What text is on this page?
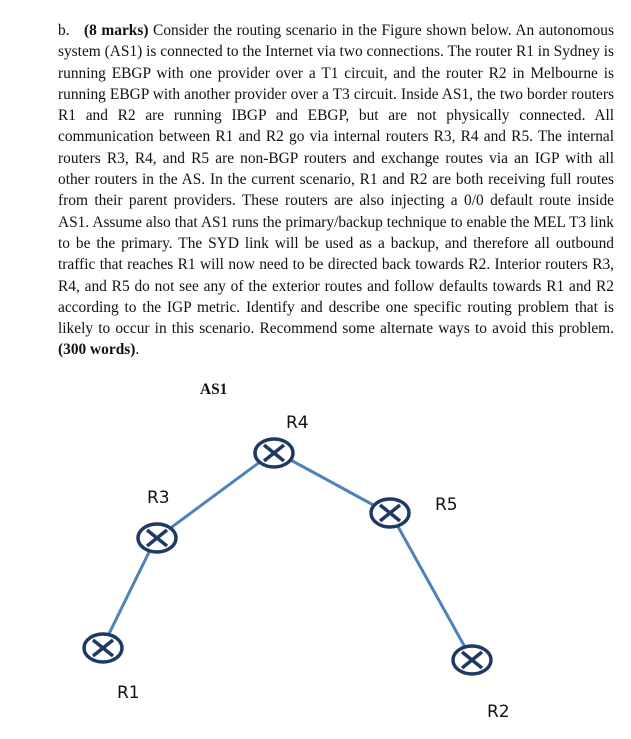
b. (8 marks) Consider the routing scenario in the Figure shown below. An autonomous system (AS1) is connected to the Internet via two connections. The router R1 in Sydney is running EBGP with one provider over a T1 circuit, and the router R2 in Melbourne is running EBGP with another provider over a T3 circuit. Inside AS1, the two border routers R1 and R2 are running IBGP and EBGP, but are not physically connected. All communication between R1 and R2 go via internal routers R3, R4 and R5. The internal routers R3, R4, and R5 are non-BGP routers and exchange routes via an IGP with all other routers in the AS. In the current scenario, R1 and R2 are both receiving full routes from their parent providers. These routers are also injecting a 0/0 default route inside AS1. Assume also that AS1 runs the primary/backup technique to enable the MEL T3 link to be the primary. The SYD link will be used as a backup, and therefore all outbound traffic that reaches R1 will now need to be directed back towards R2. Interior routers R3, R4, and R5 do not see any of the exterior routes and follow defaults towards R1 and R2 according to the IGP metric. Identify and describe one specific routing problem that is likely to occur in this scenario. Recommend some alternate ways to avoid this problem. (300 words).

AS1
R4
R3	R5
R1
R2
